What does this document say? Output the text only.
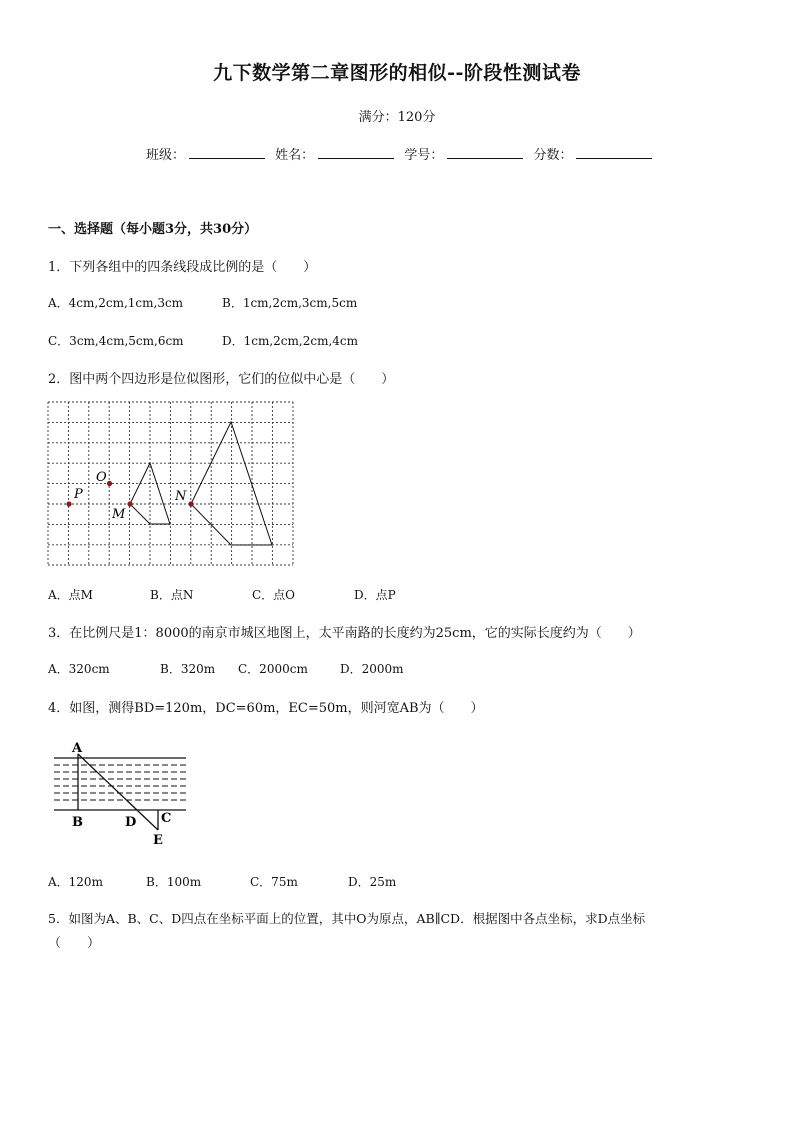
九下数学第二章图形的相似--阶段性测试卷
满分：120分
班级：	姓名：	学号：	分数：
一、选择题（每小题3分，共30分）
1．下列各组中的四条线段成比例的是（　　）
A．4cm,2cm,1cm,3cm	B．1cm,2cm,3cm,5cm
C．3cm,4cm,5cm,6cm	D．1cm,2cm,2cm,4cm
2．图中两个四边形是位似图形，它们的位似中心是（　　）
O
P
M
N
A．点M	B．点N	C．点O	D．点P
3．在比例尺是1：8000的南京市城区地图上，太平南路的长度约为25cm，它的实际长度约为（　　）
A．320cm	B．320m C．2000cm	D．2000m
4．如图，测得BD=120m，DC=60m，EC=50m，则河宽AB为（　　）
A
B	D C
E
A．120m	B．100m	C．75m	D．25m
5．如图为A、B、C、D四点在坐标平面上的位置，其中O为原点，AB∥CD．根据图中各点坐标，求D点坐标
（　　）
